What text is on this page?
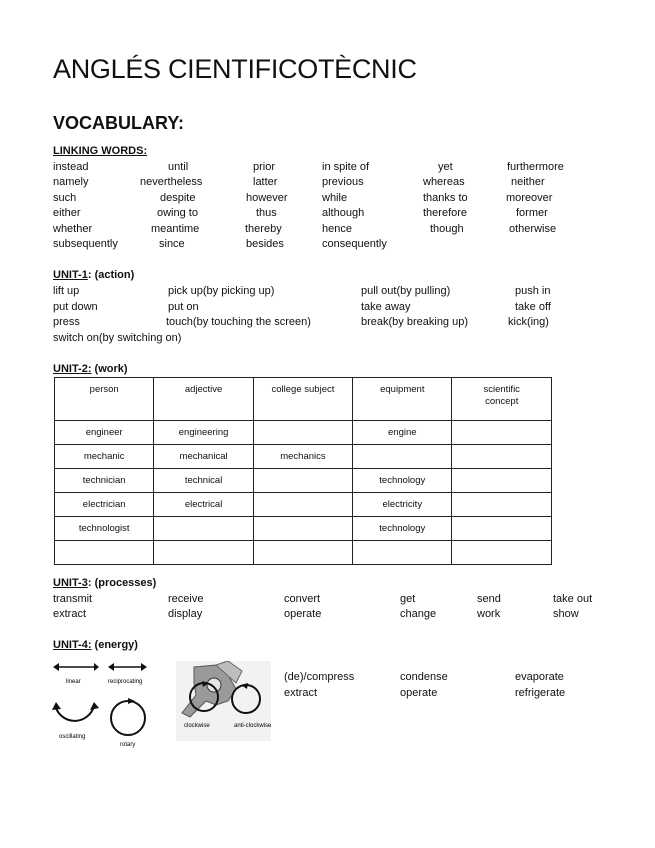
ANGLÉS CIENTIFICOTÈCNIC
VOCABULARY:
LINKING WORDS:
instead	until	prior	in spite of	yet	furthermore
namely	nevertheless	latter	previous	whereas	neither
such	despite	however	while	thanks to	moreover
either	owing to	thus	although	therefore	former
whether	meantime	thereby	hence	though	otherwise
subsequently	since	besides	consequently
UNIT-1: (action)
lift up	pick up(by picking up)	pull out(by pulling)	push in
put down	put on	take away	take off
press	touch(by touching the screen)	break(by breaking up)	kick(ing)
switch on(by switching on)
UNIT-2: (work)
person	adjective	college subject	equipment	scientific concept
engineer	engineering		engine	
mechanic	mechanical	mechanics		
technician	technical		technology	
electrician	electrical		electricity	
technologist			technology	

UNIT-3: (processes)
transmit	receive	convert	get	send	take out
extract	display	operate	change	work	show
UNIT-4: (energy)
linear	reciprocating
oscillating
rotary
clockwise	anti-clockwise
(de)/compress	condense	evaporate
extract	operate	refrigerate
